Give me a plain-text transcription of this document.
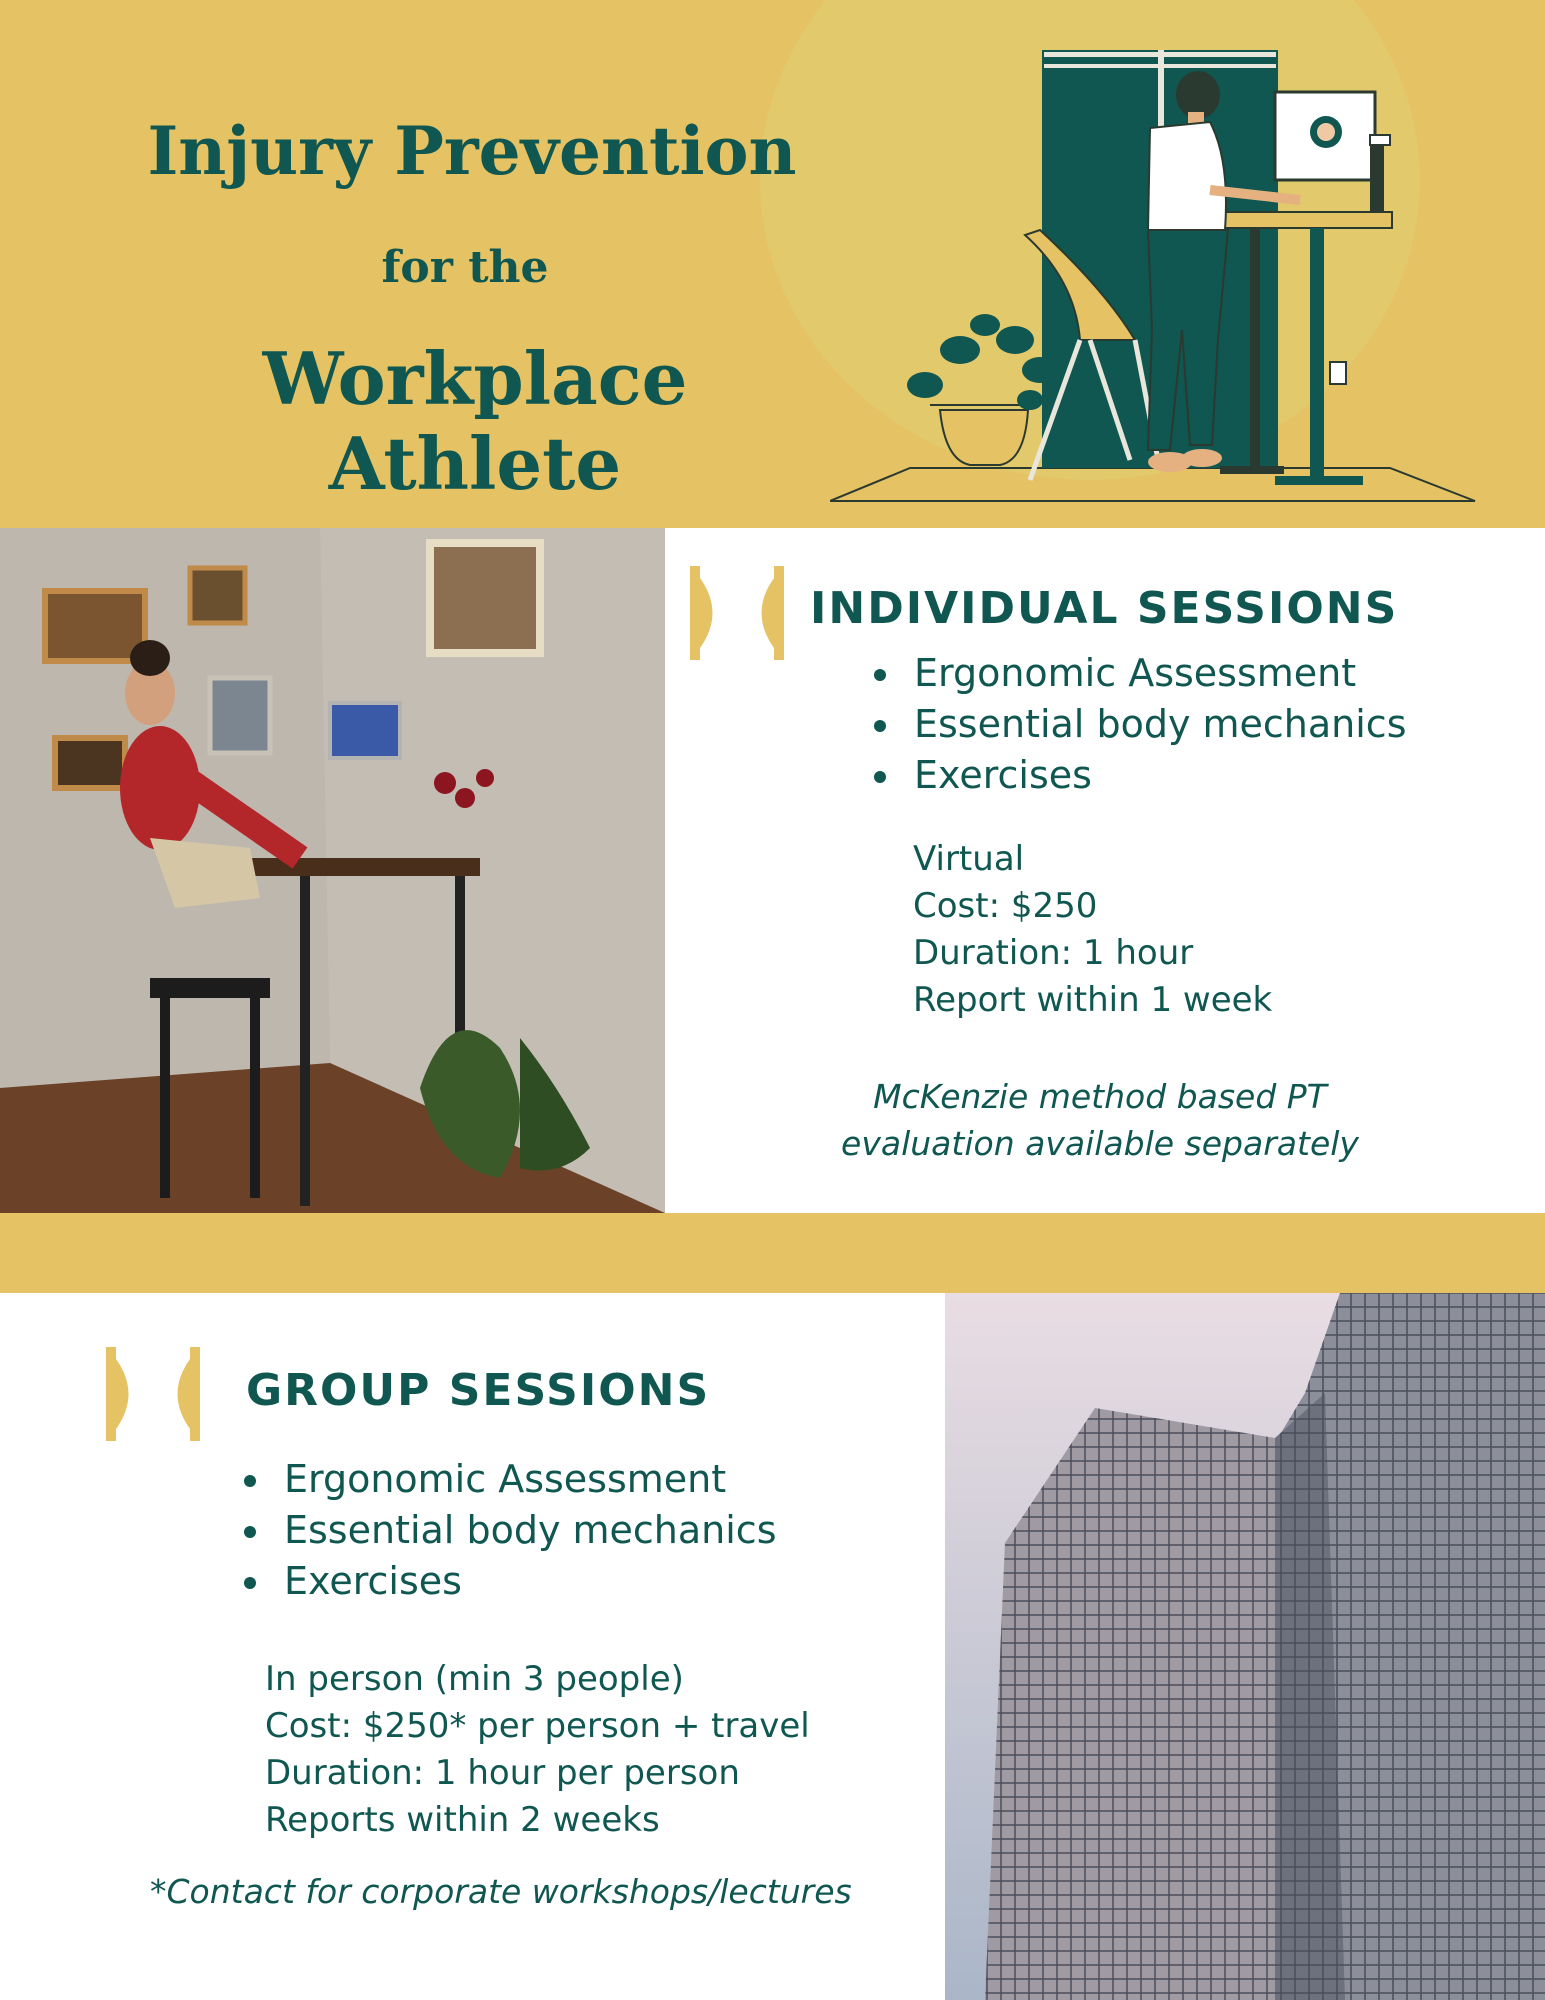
Injury Prevention
for the
Workplace Athlete
INDIVIDUAL SESSIONS
• Ergonomic Assessment
• Essential body mechanics
• Exercises
Virtual
Cost: $250
Duration: 1 hour
Report within 1 week
McKenzie method based PT
evaluation available separately
GROUP SESSIONS
• Ergonomic Assessment
• Essential body mechanics
• Exercises
In person (min 3 people)
Cost: $250* per person + travel
Duration: 1 hour per person
Reports within 2 weeks
*Contact for corporate workshops/lectures
